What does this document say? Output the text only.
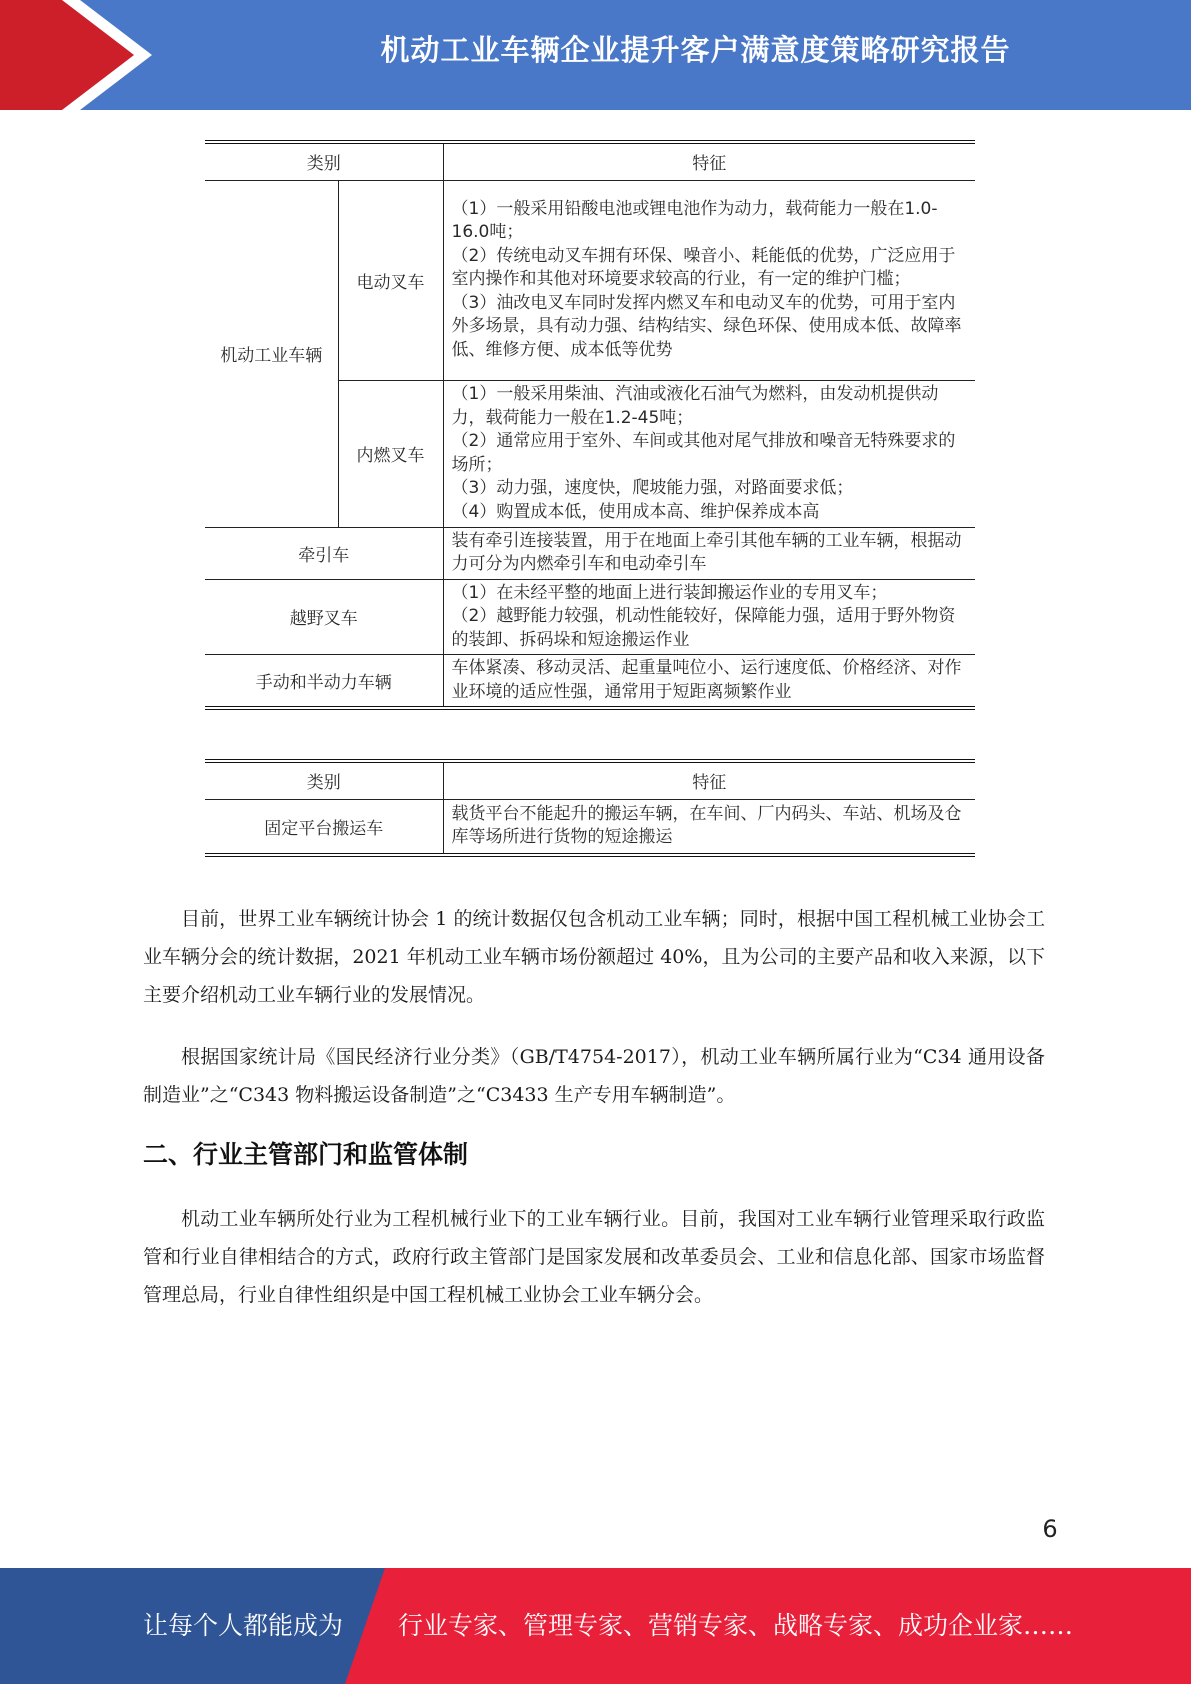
机动工业车辆企业提升客户满意度策略研究报告
类别		特征
机动工业车辆	电动叉车	（1）一般采用铅酸电池或锂电池作为动力，载荷能力一般在1.0-16.0吨；

（2）传统电动叉车拥有环保、噪音小、耗能低的优势，广泛应用于室内操作和其他对环境要求较高的行业，有一定的维护门槛；

（3）油改电叉车同时发挥内燃叉车和电动叉车的优势，可用于室内外多场景，具有动力强、结构结实、绿色环保、使用成本低、故障率低、维修方便、成本低等优势

	内燃叉车	（1）一般采用柴油、汽油或液化石油气为燃料，由发动机提供动力，载荷能力一般在1.2-45吨；

（2）通常应用于室外、车间或其他对尾气排放和噪音无特殊要求的场所；

（3）动力强，速度快，爬坡能力强，对路面要求低；

（4）购置成本低，使用成本高、维护保养成本高

牵引车		装有牵引连接装置，用于在地面上牵引其他车辆的工业车辆，根据动力可分为内燃牵引车和电动牵引车
越野叉车		（1）在未经平整的地面上进行装卸搬运作业的专用叉车；

（2）越野能力较强，机动性能较好，保障能力强，适用于野外物资的装卸、拆码垛和短途搬运作业

手动和半动力车辆		车体紧凑、移动灵活、起重量吨位小、运行速度低、价格经济、对作业环境的适应性强，通常用于短距离频繁作业
类别	特征
固定平台搬运车	载货平台不能起升的搬运车辆，在车间、厂内码头、车站、机场及仓库等场所进行货物的短途搬运

目前，世界工业车辆统计协会 1 的统计数据仅包含机动工业车辆；同时，根据中国工程机械工业协会工业车辆分会的统计数据，2021 年机动工业车辆市场份额超过 40%，且为公司的主要产品和收入来源，以下主要介绍机动工业车辆行业的发展情况。

根据国家统计局《国民经济行业分类》（GB/T4754-2017），机动工业车辆所属行业为“C34 通用设备制造业”之“C343 物料搬运设备制造”之“C3433 生产专用车辆制造”。

二、行业主管部门和监管体制

机动工业车辆所处行业为工程机械行业下的工业车辆行业。目前，我国对工业车辆行业管理采取行政监管和行业自律相结合的方式，政府行政主管部门是国家发展和改革委员会、工业和信息化部、国家市场监督管理总局，行业自律性组织是中国工程机械工业协会工业车辆分会。

6
让每个人都能成为 行业专家、管理专家、营销专家、战略专家、成功企业家……
